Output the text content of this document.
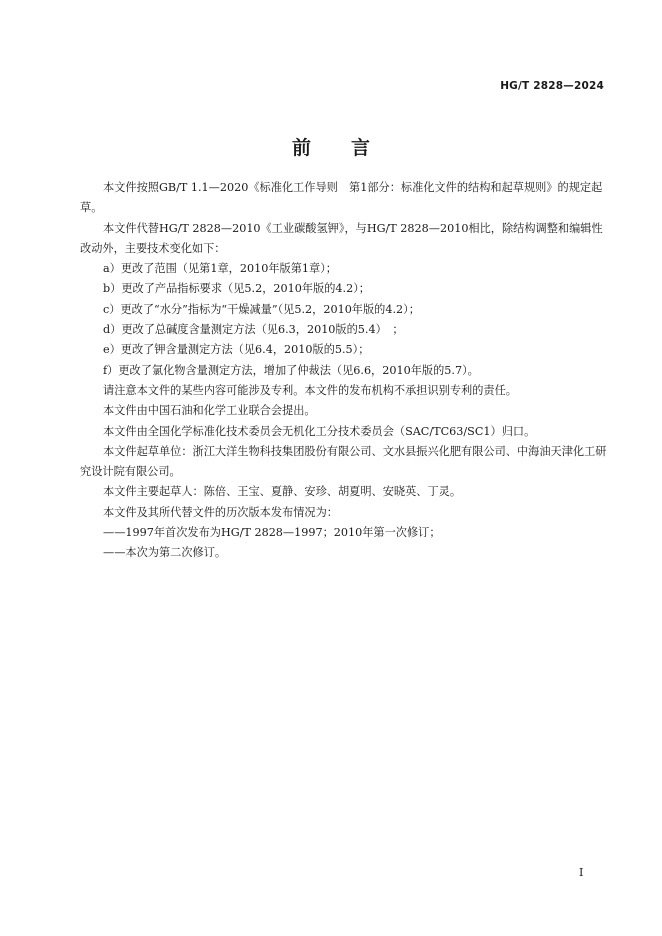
HG/T 2828—2024
前 言

本文件按照GB/T 1.1—2020《标准化工作导则　第1部分：标准化文件的结构和起草规则》的规定起草。

本文件代替HG/T 2828—2010《工业碳酸氢钾》，与HG/T 2828—2010相比，除结构调整和编辑性改动外，主要技术变化如下：

a）更改了范围（见第1章，2010年版第1章）；

b）更改了产品指标要求（见5.2，2010年版的4.2）；

c）更改了“水分”指标为“干燥减量”（见5.2，2010年版的4.2）；

d）更改了总碱度含量测定方法（见6.3，2010版的5.4）　；

e）更改了钾含量测定方法（见6.4，2010版的5.5）；

f）更改了氯化物含量测定方法，增加了仲裁法（见6.6，2010年版的5.7）。

请注意本文件的某些内容可能涉及专利。本文件的发布机构不承担识别专利的责任。

本文件由中国石油和化学工业联合会提出。

本文件由全国化学标准化技术委员会无机化工分技术委员会（SAC/TC63/SC1）归口。

本文件起草单位：浙江大洋生物科技集团股份有限公司、文水县振兴化肥有限公司、中海油天津化工研究设计院有限公司。

本文件主要起草人：陈倍、王宝、夏静、安珍、胡夏明、安晓英、丁灵。

本文件及其所代替文件的历次版本发布情况为：

——1997年首次发布为HG/T 2828—1997；2010年第一次修订；

——本次为第二次修订。

I
